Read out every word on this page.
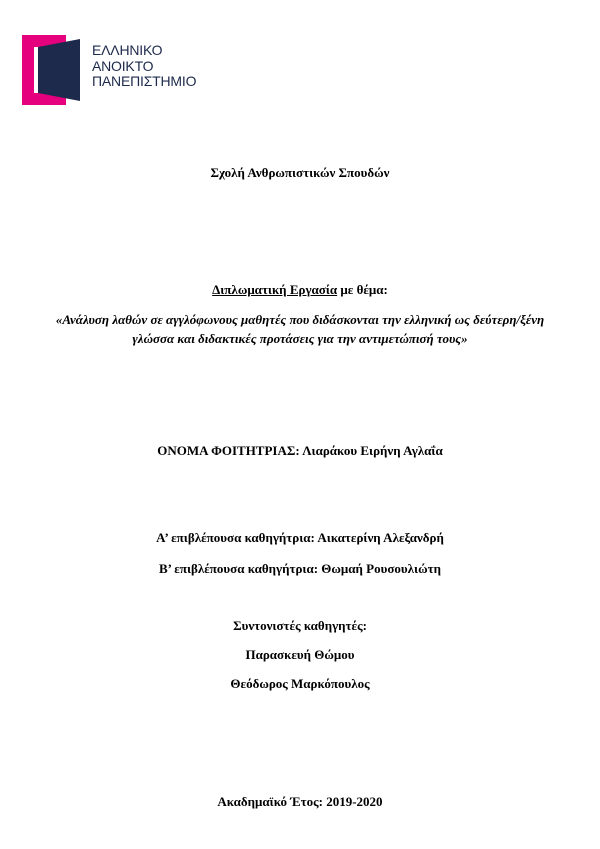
ΕΛΛΗΝΙΚΟ
ΑΝΟΙΚΤΟ
ΠΑΝΕΠΙΣΤΗΜΙΟ
Σχολή Ανθρωπιστικών Σπουδών
Διπλωματική Εργασία με θέμα:
«Ανάλυση λαθών σε αγγλόφωνους μαθητές που διδάσκονται την ελληνική ως δεύτερη/ξένη γλώσσα και διδακτικές προτάσεις για την αντιμετώπισή τους»
ΟΝΟΜΑ ΦΟΙΤΗΤΡΙΑΣ: Λιαράκου Ειρήνη Αγλαΐα
Α’ επιβλέπουσα καθηγήτρια: Αικατερίνη Αλεξανδρή
Β’ επιβλέπουσα καθηγήτρια: Θωμαή Ρουσουλιώτη
Συντονιστές καθηγητές:
Παρασκευή Θώμου
Θεόδωρος Μαρκόπουλος
Ακαδημαϊκό Έτος: 2019-2020
